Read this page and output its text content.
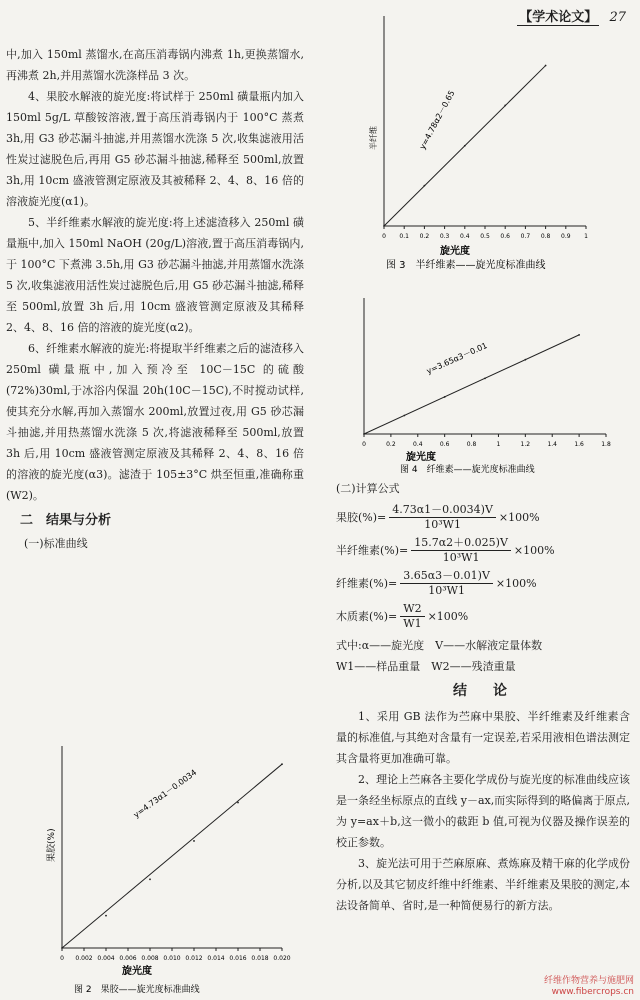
【学术论文】 27

中,加入 150ml 蒸馏水,在高压消毒锅内沸煮 1h,更换蒸馏水,再沸煮 2h,并用蒸馏水洗涤样品 3 次。

4、果胶水解液的旋光度:将试样于 250ml 磺量瓶内加入 150ml 5g/L 草酸铵溶液,置于高压消毒锅内于 100°C 蒸煮 3h,用 G3 砂芯漏斗抽滤,并用蒸馏水洗涤 5 次,收集滤液用活性炭过滤脱色后,再用 G5 砂芯漏斗抽滤,稀释至 500ml,放置 3h,用 10cm 盛液管测定原液及其被稀释 2、4、8、16 倍的溶液旋光度(α1)。

5、半纤维素水解液的旋光度:将上述滤渣移入 250ml 磺量瓶中,加入 150ml NaOH (20g/L)溶液,置于高压消毒锅内,于 100°C 下煮沸 3.5h,用 G3 砂芯漏斗抽滤,并用蒸馏水洗涤 5 次,收集滤液用活性炭过滤脱色后,用 G5 砂芯漏斗抽滤,稀释至 500ml,放置 3h 后,用 10cm 盛液管测定原液及其稀释 2、4、8、16 倍的溶液的旋光度(α2)。

6、纤维素水解液的旋光:将提取半纤维素之后的滤渣移入 250ml 磺量瓶中,加入预冷至 10C－15C 的硫酸(72%)30ml,于冰浴内保温 20h(10C－15C),不时搅动试样,使其充分水解,再加入蒸馏水 200ml,放置过夜,用 G5 砂芯漏斗抽滤,并用热蒸馏水洗涤 5 次,将滤液稀释至 500ml,放置 3h 后,用 10cm 盛液管测定原液及其稀释 2、4、8、16 倍的溶液的旋光度(α3)。滤渣于 105±3°C 烘至恒重,准确称重(W2)。

二　结果与分析
(一)标准曲线
y=4.78α2－0.65
半纤维
0 0.1 0.2 0.3 0.4 0.5 0.6 0.7 0.8 0.9 1
旋光度
图 3　半纤维素——旋光度标准曲线
y=3.65α3－0.01
0	0.2	0.4	0.6	0.8	1	1.2	1.4	1.6	1.8
旋光度
图 4　纤维素——旋光度标准曲线
(二)计算公式
果胶(%)= $\frac{4.73\alpha 1-0.0034)V}{\text{10³W1}} \times 100\%$
半纤维素(%)= $\frac{15.7\alpha 2+0.025)V}{\text{10³W1}} \times 100\%$
纤维素(%)= $\frac{3.65\alpha 3-0.01)V}{\text{10³W1}} \times 100\%$
木质素(%)= $\frac{W2}{W1} \times 100\%$

式中:α——旋光度　V——水解液定量体数

W1——样品重量　W2——残渣重量

结　论

1、采用 GB 法作为苎麻中果胶、半纤维素及纤维素含量的标准值,与其绝对含量有一定误差,若采用液相色谱法测定其含量将更加准确可靠。

2、理论上苎麻各主要化学成份与旋光度的标准曲线应该是一条经坐标原点的直线 y－ax,而实际得到的略偏离于原点,为 y=ax＋b,这一微小的截距 b 值,可视为仪器及操作误差的校正参数。

3、旋光法可用于苎麻原麻、煮炼麻及精干麻的化学成份分析,以及其它韧皮纤维中纤维素、半纤维素及果胶的测定,本法设备简单、省时,是一种简便易行的新方法。

y=4.73α1－0.0034
果胶(%)
0 0.002 0.004 0.006 0.008 0.010 0.012 0.014 0.016 0.018 0.020
旋光度
图 2　果胶——旋光度标准曲线
纤维作物营养与施肥网
www.fibercrops.cn
